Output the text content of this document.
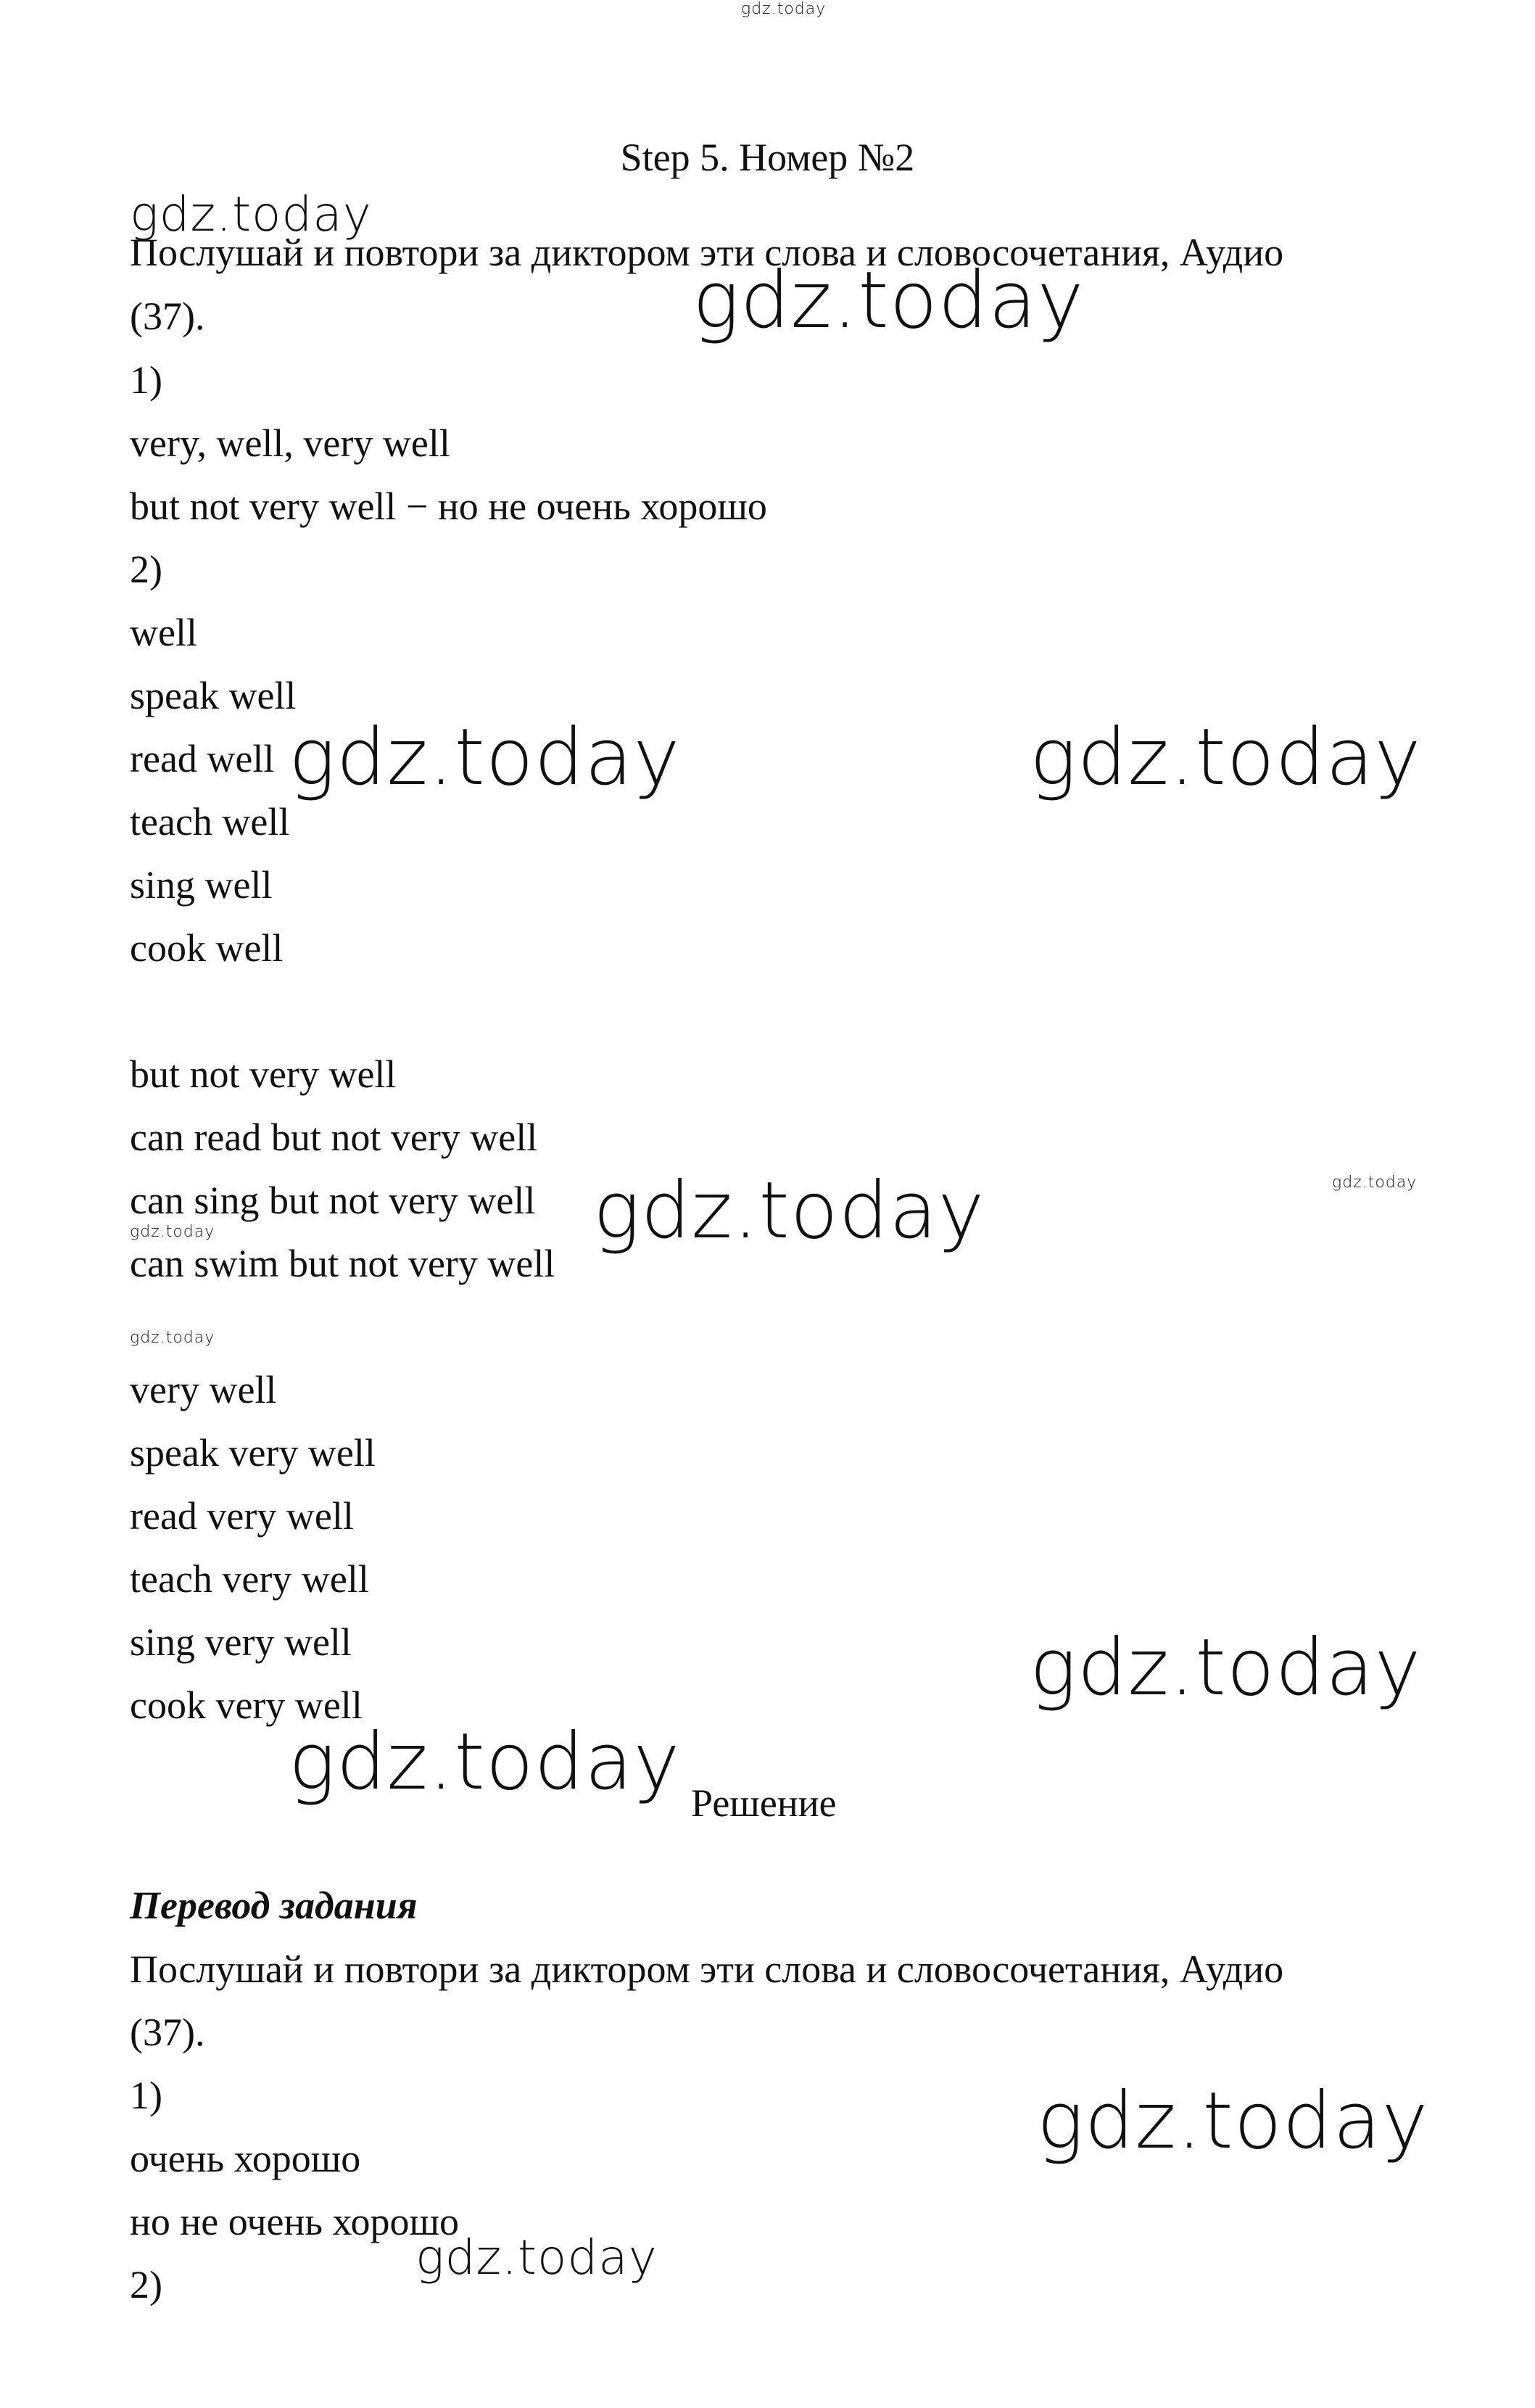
gdz.today
Step 5. Номер №2
gdz.today
Послушай и повтори за диктором эти слова и словосочетания, Аудио
(37).	gdz.today
1)
very, well, very well
but not very well − но не очень хорошо
2)
well
speak well
read well
teach well
sing well
cook well
gdz.today	gdz.today
but not very well
can read but not very well
can sing but not very well
can swim but not very well
gdz.today	gdz.today
gdz.today
gdz.today
very well
speak very well
read very well
teach very well
sing very well
cook very well	gdz.today
gdz.today Решение
Перевод задания
Послушай и повтори за диктором эти слова и словосочетания, Аудио
(37).
1)
очень хорошо
но не очень хорошо
2)
gdz.today
gdz.today
